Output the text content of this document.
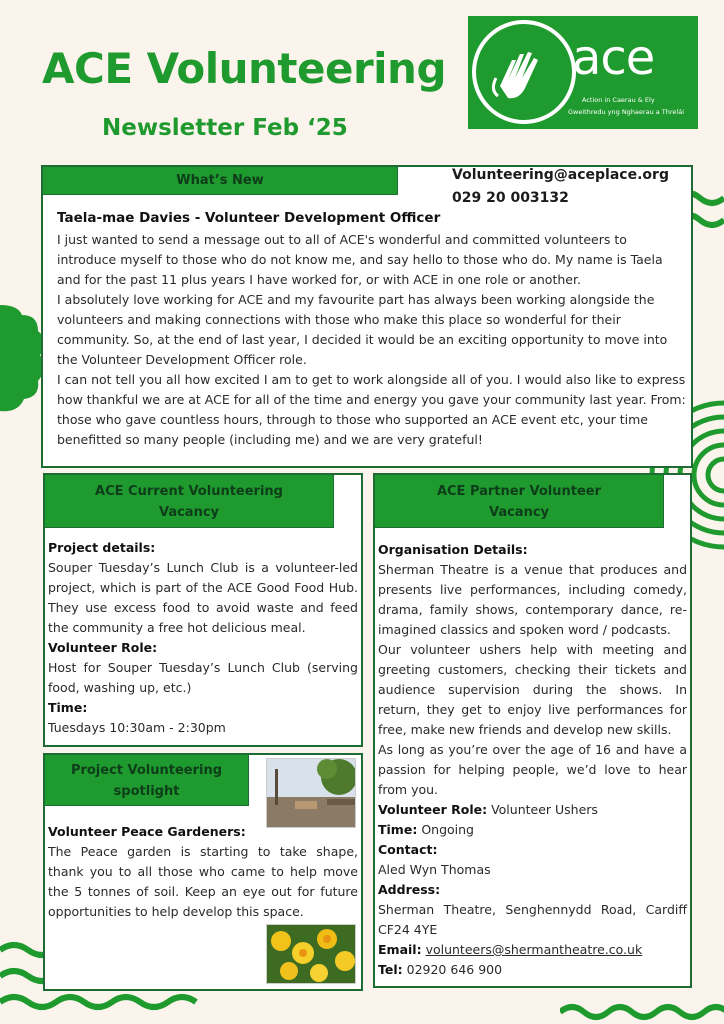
ACE Volunteering
Newsletter Feb ‘25
ace
Action in Caerau & Ely
Gweithredu yng Nghaerau a Threlái
What’s New	Volunteering@aceplace.org
029 20 003132
Taela-mae Davies - Volunteer Development Officer

I just wanted to send a message out to all of ACE's wonderful and committed volunteers to introduce myself to those who do not know me, and say hello to those who do. My name is Taela and for the past 11 plus years I have worked for, or with ACE in one role or another.

I absolutely love working for ACE and my favourite part has always been working alongside the volunteers and making connections with those who make this place so wonderful for their community. So, at the end of last year, I decided it would be an exciting opportunity to move into the Volunteer Development Officer role.

I can not tell you all how excited I am to get to work alongside all of you. I would also like to express how thankful we are at ACE for all of the time and energy you gave your community last year. From: those who gave countless hours, through to those who supported an ACE event etc, your time benefitted so many people (including me) and we are very grateful!

ACE Current Volunteering
Vacancy
Project details:
Souper Tuesday’s Lunch Club is a volunteer-led project, which is part of the ACE Good Food Hub. They use excess food to avoid waste and feed the community a free hot delicious meal.
Volunteer Role:
Host for Souper Tuesday’s Lunch Club (serving food, washing up, etc.)
Time:
Tuesdays 10:30am - 2:30pm
Project Volunteering
spotlight
Volunteer Peace Gardeners:
The Peace garden is starting to take shape, thank you to all those who came to help move the 5 tonnes of soil. Keep an eye out for future opportunities to help develop this space.
ACE Partner Volunteer
Vacancy
Organisation Details:
Sherman Theatre is a venue that produces and presents live performances, including comedy, drama, family shows, contemporary dance, re-imagined classics and spoken word / podcasts.
Our volunteer ushers help with meeting and greeting customers, checking their tickets and audience supervision during the shows. In return, they get to enjoy live performances for free, make new friends and develop new skills.
As long as you’re over the age of 16 and have a passion for helping people, we’d love to hear from you.
Volunteer Role: Volunteer Ushers
Time: Ongoing
Contact:
Aled Wyn Thomas
Address:
Sherman Theatre, Senghennydd Road, Cardiff CF24 4YE
Email: volunteers@shermantheatre.co.uk
Tel: 02920 646 900
